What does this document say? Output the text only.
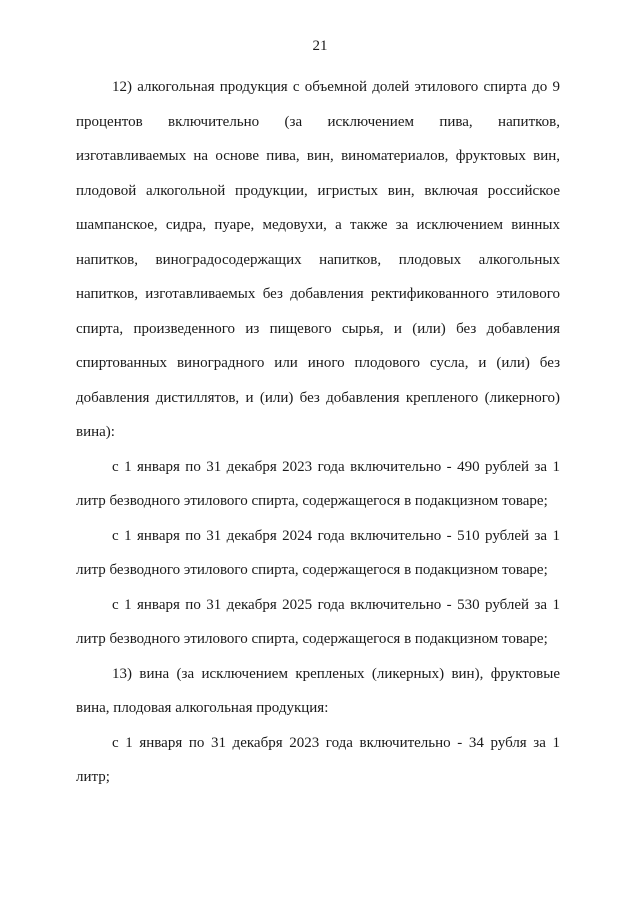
21

12) алкогольная продукция с объемной долей этилового спирта до 9 процентов включительно (за исключением пива, напитков, изготавливаемых на основе пива, вин, виноматериалов, фруктовых вин, плодовой алкогольной продукции, игристых вин, включая российское шампанское, сидра, пуаре, медовухи, а также за исключением винных напитков, виноградосодержащих напитков, плодовых алкогольных напитков, изготавливаемых без добавления ректификованного этилового спирта, произведенного из пищевого сырья, и (или) без добавления спиртованных виноградного или иного плодового сусла, и (или) без добавления дистиллятов, и (или) без добавления крепленого (ликерного) вина):

с 1 января по 31 декабря 2023 года включительно - 490 рублей за 1 литр безводного этилового спирта, содержащегося в подакцизном товаре;

с 1 января по 31 декабря 2024 года включительно - 510 рублей за 1 литр безводного этилового спирта, содержащегося в подакцизном товаре;

с 1 января по 31 декабря 2025 года включительно - 530 рублей за 1 литр безводного этилового спирта, содержащегося в подакцизном товаре;

13) вина (за исключением крепленых (ликерных) вин), фруктовые вина, плодовая алкогольная продукция:

с 1 января по 31 декабря 2023 года включительно - 34 рубля за 1 литр;
